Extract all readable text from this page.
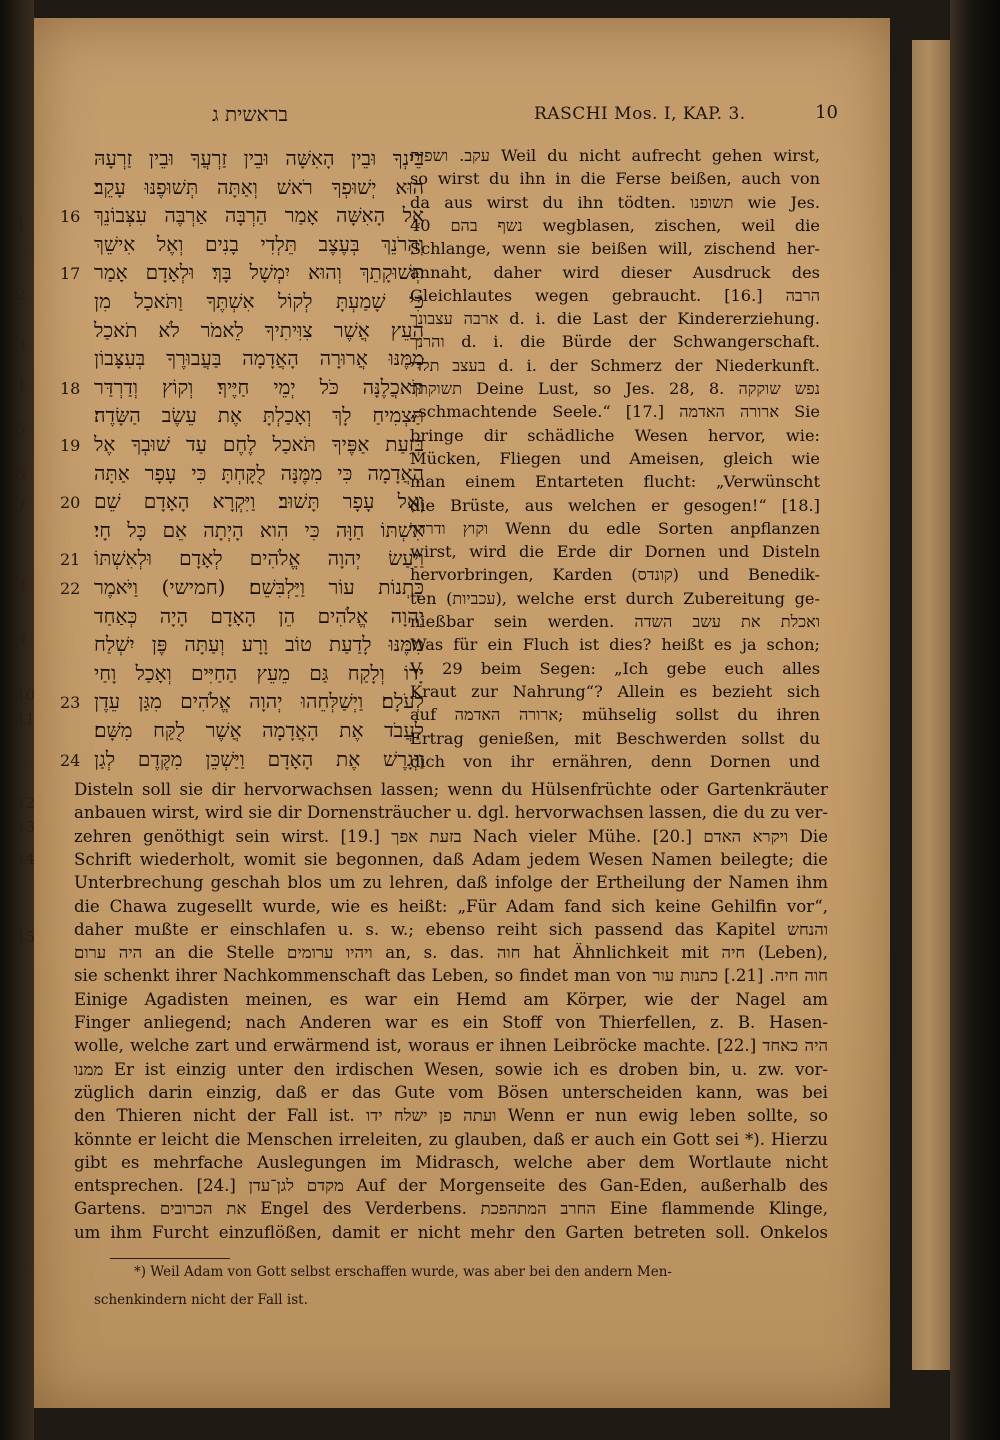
1
2
3
4
5
6
7
8
9
10
11
12
13
14
15
בראשית ג	RASCHI Mos. I, KAP. 3.	10
בֵּינְךָ וּבֵין הָאִשָּׁה וּבֵין זַרְעֲךָ וּבֵין זַרְעָהּ
הוּא יְשׁוּפְךָ רֹאשׁ וְאַתָּה תְּשׁוּפֶנּוּ עָקֵב׃
אֶל הָאִשָּׁה אָמַר הַרְבָּה אַרְבֶּה עִצְּבוֹנֵךְ
16
וְהֵרֹנֵךְ בְּעֶצֶב תֵּלְדִי בָנִים וְאֶל אִישֵׁךְ
תְּשׁוּקָתֵךְ וְהוּא יִמְשָׁל בָּךְ׃ וּלְאָדָם אָמַר
17
כִּי שָׁמַעְתָּ לְקוֹל אִשְׁתֶּךָ וַתֹּאכַל מִן
הָעֵץ אֲשֶׁר צִוִּיתִיךָ לֵאמֹר לֹא תֹאכַל
מִמֶּנּוּ אֲרוּרָה הָאֲדָמָה בַּעֲבוּרֶךָ בְּעִצָּבוֹן
תֹּאכֲלֶנָּה כֹּל יְמֵי חַיֶּיךָ׃ וְקוֹץ וְדַרְדַּר
18
תַּצְמִיחַ לָךְ וְאָכַלְתָּ אֶת עֵשֶׂב הַשָּׂדֶה׃
בְּזֵעַת אַפֶּיךָ תֹּאכַל לֶחֶם עַד שׁוּבְךָ אֶל
19
הָאֲדָמָה כִּי מִמֶּנָּה לֻקָּחְתָּ כִּי עָפָר אַתָּה
וְאֶל עָפָר תָּשׁוּב׃ וַיִּקְרָא הָאָדָם שֵׁם
20
אִשְׁתּוֹ חַוָּה כִּי הִוא הָיְתָה אֵם כָּל חָי׃
וַיַּעַשׂ יְהוָה אֱלֹהִים לְאָדָם וּלְאִשְׁתּוֹ
21
כָּתְנוֹת עוֹר וַיַּלְבִּשֵׁם׃ (חמישי) וַיֹּאמֶר
22
יְהוָה אֱלֹהִים הֵן הָאָדָם הָיָה כְּאַחַד
מִמֶּנּוּ לָדַעַת טוֹב וָרָע וְעַתָּה פֶּן יִשְׁלַח
יָדוֹ וְלָקַח גַּם מֵעֵץ הַחַיִּים וְאָכַל וָחַי
לְעֹלָם׃ וַיְשַׁלְּחֵהוּ יְהוָה אֱלֹהִים מִגַּן עֵדֶן
23
לַעֲבֹד אֶת הָאֲדָמָה אֲשֶׁר לֻקַּח מִשָּׁם׃
וַיְגָרֶשׁ אֶת הָאָדָם וַיַּשְׁכֵּן מִקֶּדֶם לְגַן
24
עקב. ושפית Weil du nicht aufrecht gehen wirst,
so wirst du ihn in die Ferse beißen, auch von
da aus wirst du ihn tödten. תשופנו wie Jes.
40 נשף בהם wegblasen, zischen, weil die
Schlange, wenn sie beißen will, zischend her-
annaht, daher wird dieser Ausdruck des
Gleichlautes wegen gebraucht. [16.] הרבה
ארבה עצבונך d. i. die Last der Kindererziehung.
והרנך d. i. die Bürde der Schwangerschaft.
בעצב תלדי d. i. der Schmerz der Niederkunft.
תשוקתך Deine Lust, so Jes. 28, 8. נפש שוקקה
„schmachtende Seele.“ [17.] ארורה האדמה Sie
bringe dir schädliche Wesen hervor, wie:
Mücken, Fliegen und Ameisen, gleich wie
man einem Entarteten flucht: „Verwünscht
die Brüste, aus welchen er gesogen!“ [18.]
וקוץ ודרדר Wenn du edle Sorten anpflanzen
wirst, wird die Erde dir Dornen und Disteln
hervorbringen, Karden (קונדס) und Benedik-
ten (עכביות), welche erst durch Zubereitung ge-
nießbar sein werden. ואכלת את עשב השדה
Was für ein Fluch ist dies? heißt es ja schon;
V. 29 beim Segen: „Ich gebe euch alles
Kraut zur Nahrung“? Allein es bezieht sich
auf ארורה האדמה; mühselig sollst du ihren
Ertrag genießen, mit Beschwerden sollst du
dich von ihr ernähren, denn Dornen und
Disteln soll sie dir hervorwachsen lassen; wenn du Hülsenfrüchte oder Gartenkräuter
anbauen wirst, wird sie dir Dornensträucher u. dgl. hervorwachsen lassen, die du zu ver-
zehren genöthigt sein wirst. [19.] בזעת אפך Nach vieler Mühe. [20.] ויקרא האדם Die
Schrift wiederholt, womit sie begonnen, daß Adam jedem Wesen Namen beilegte; die
Unterbrechung geschah blos um zu lehren, daß infolge der Ertheilung der Namen ihm
die Chawa zugesellt wurde, wie es heißt: „Für Adam fand sich keine Gehilfin vor“,
daher mußte er einschlafen u. s. w.; ebenso reiht sich passend das Kapitel והנחש
היה ערום an die Stelle ויהיו ערומים an, s. das. חוה hat Ähnlichkeit mit חיה (Leben),
sie schenkt ihrer Nachkommenschaft das Leben, so findet man von חוה חיה. [21.] כתנות עור
Einige Agadisten meinen, es war ein Hemd am Körper, wie der Nagel am
Finger anliegend; nach Anderen war es ein Stoff von Thierfellen, z. B. Hasen-
wolle, welche zart und erwärmend ist, woraus er ihnen Leibröcke machte. [22.] היה כאחד
ממנו Er ist einzig unter den irdischen Wesen, sowie ich es droben bin, u. zw. vor-
züglich darin einzig, daß er das Gute vom Bösen unterscheiden kann, was bei
den Thieren nicht der Fall ist. ועתה פן ישלח ידו Wenn er nun ewig leben sollte, so
könnte er leicht die Menschen irreleiten, zu glauben, daß er auch ein Gott sei *). Hierzu
gibt es mehrfache Auslegungen im Midrasch, welche aber dem Wortlaute nicht
entsprechen. [24.] מקדם לגן־עדן Auf der Morgenseite des Gan-Eden, außerhalb des
Gartens. את הכרובים Engel des Verderbens. החרב המתהפכת Eine flammende Klinge,
um ihm Furcht einzuflößen, damit er nicht mehr den Garten betreten soll. Onkelos
*) Weil Adam von Gott selbst erschaffen wurde, was aber bei den andern Men-
schenkindern nicht der Fall ist.
